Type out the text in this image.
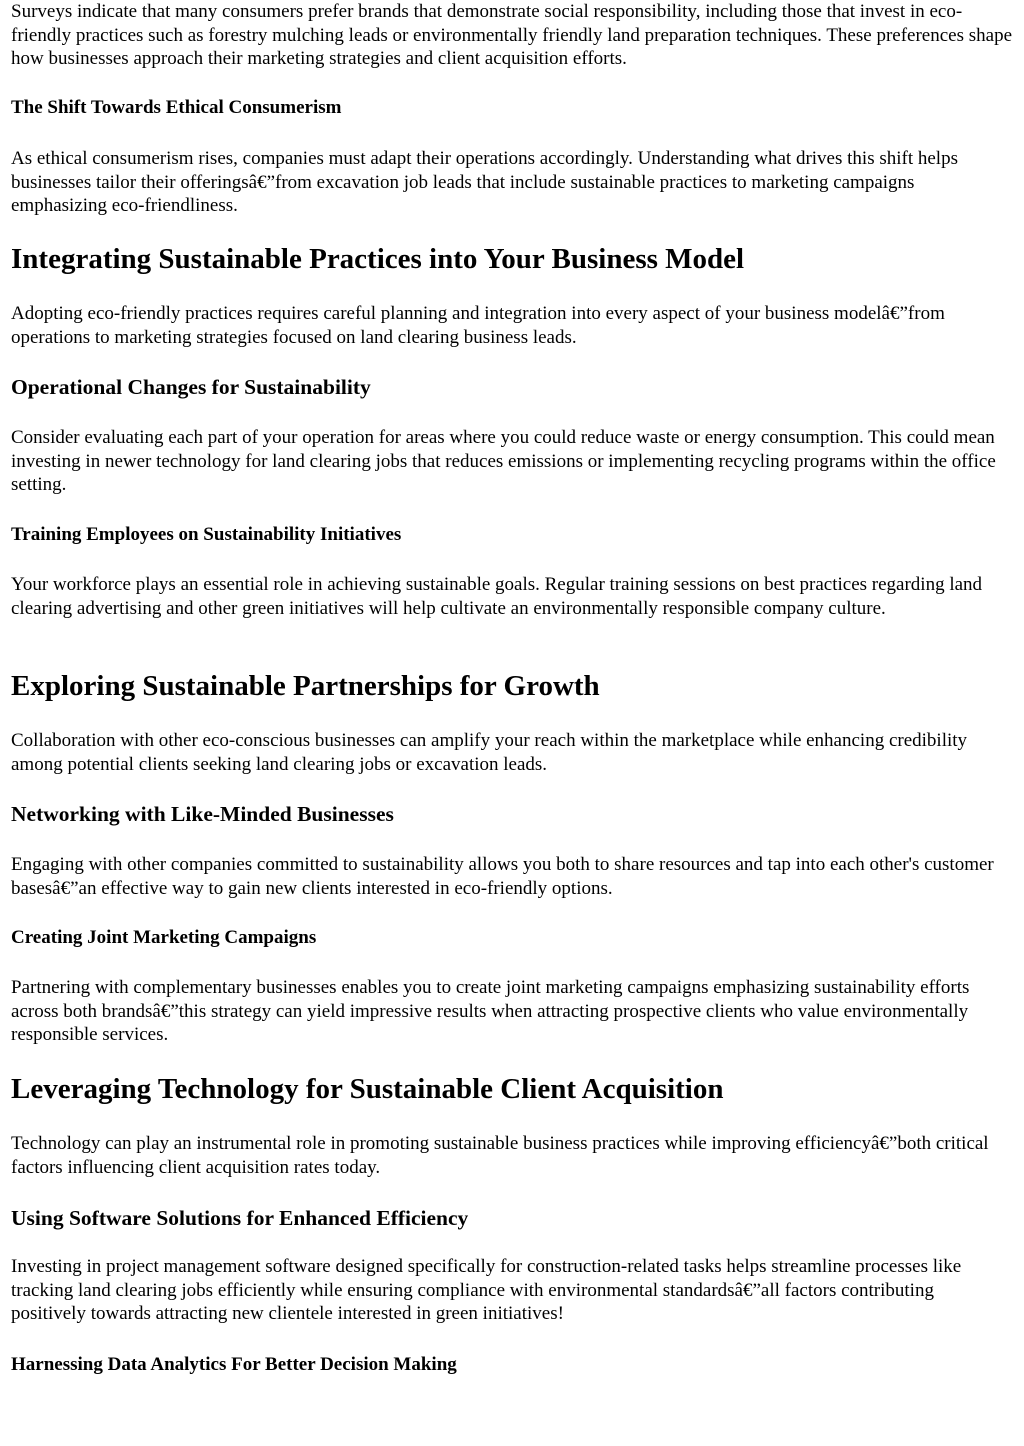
Surveys indicate that many consumers prefer brands that demonstrate social responsibility, including those that invest in eco-friendly practices such as forestry mulching leads or environmentally friendly land preparation techniques. These preferences shape how businesses approach their marketing strategies and client acquisition efforts.

The Shift Towards Ethical Consumerism

As ethical consumerism rises, companies must adapt their operations accordingly. Understanding what drives this shift helps businesses tailor their offeringsâ€”from excavation job leads that include sustainable practices to marketing campaigns emphasizing eco-friendliness.

Integrating Sustainable Practices into Your Business Model

Adopting eco-friendly practices requires careful planning and integration into every aspect of your business modelâ€”from operations to marketing strategies focused on land clearing business leads.

Operational Changes for Sustainability

Consider evaluating each part of your operation for areas where you could reduce waste or energy consumption. This could mean investing in newer technology for land clearing jobs that reduces emissions or implementing recycling programs within the office setting.

Training Employees on Sustainability Initiatives

Your workforce plays an essential role in achieving sustainable goals. Regular training sessions on best practices regarding land clearing advertising and other green initiatives will help cultivate an environmentally responsible company culture.

Exploring Sustainable Partnerships for Growth

Collaboration with other eco-conscious businesses can amplify your reach within the marketplace while enhancing credibility among potential clients seeking land clearing jobs or excavation leads.

Networking with Like-Minded Businesses

Engaging with other companies committed to sustainability allows you both to share resources and tap into each other's customer basesâ€”an effective way to gain new clients interested in eco-friendly options.

Creating Joint Marketing Campaigns

Partnering with complementary businesses enables you to create joint marketing campaigns emphasizing sustainability efforts across both brandsâ€”this strategy can yield impressive results when attracting prospective clients who value environmentally responsible services.

Leveraging Technology for Sustainable Client Acquisition

Technology can play an instrumental role in promoting sustainable business practices while improving efficiencyâ€”both critical factors influencing client acquisition rates today.

Using Software Solutions for Enhanced Efficiency

Investing in project management software designed specifically for construction-related tasks helps streamline processes like tracking land clearing jobs efficiently while ensuring compliance with environmental standardsâ€”all factors contributing positively towards attracting new clientele interested in green initiatives!

Harnessing Data Analytics For Better Decision Making
